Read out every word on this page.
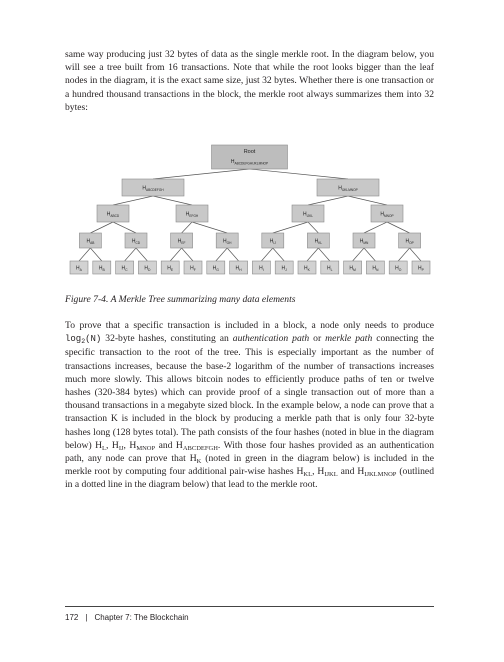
same way producing just 32 bytes of data as the single merkle root. In the diagram below, you will see a tree built from 16 transactions. Note that while the root looks bigger than the leaf nodes in the diagram, it is the exact same size, just 32 bytes. Whether there is one transaction or a hundred thousand transactions in the block, the merkle root always summarizes them into 32 bytes:

Root
$H_{ABCDEFGHIJKLMNOP}$
$H_{ABCDEFGH}$	$H_{IJKLMNOP}$
$H_{ABCD}$	$H_{EFGH}$	$H_{IJKL}$	$H_{MNOP}$
$H_{AB}$	$H_{CD}$	$H_{EF}$	$H_{GH}$	$H_{IJ}$	$H_{KL}$	$H_{MN}$	$H_{OP}$
$H_A$	$H_B$	$H_C$	$H_D$	$H_E$	$H_F$	$H_G$	$H_H$	$H_I$	$H_J$	$H_K$	$H_L$	$H_M$	$H_N$	$H_O$	$H_P$

Figure 7-4. A Merkle Tree summarizing many data elements

To prove that a specific transaction is included in a block, a node only needs to produce $\log_2(N)$ 32-byte hashes, constituting an authentication path or merkle path connecting the specific transaction to the root of the tree. This is especially important as the number of transactions increases, because the base-2 logarithm of the number of transactions increases much more slowly. This allows bitcoin nodes to efficiently produce paths of ten or twelve hashes (320-384 bytes) which can provide proof of a single transaction out of more than a thousand transactions in a megabyte sized block. In the example below, a node can prove that a transaction K is included in the block by producing a merkle path that is only four 32-byte hashes long (128 bytes total). The path consists of the four hashes (noted in blue in the diagram below) $H_L$, $H_{IJ}$, $H_{MNOP}$ and $H_{ABCDEFGH}$. With those four hashes provided as an authentication path, any node can prove that $H_K$ (noted in green in the diagram below) is included in the merkle root by computing four additional pair-wise hashes $H_{KL}$, $H_{IJKL}$ and $H_{IJKLMNOP}$ (outlined in a dotted line in the diagram below) that lead to the merkle root.

172 | Chapter 7: The Blockchain
